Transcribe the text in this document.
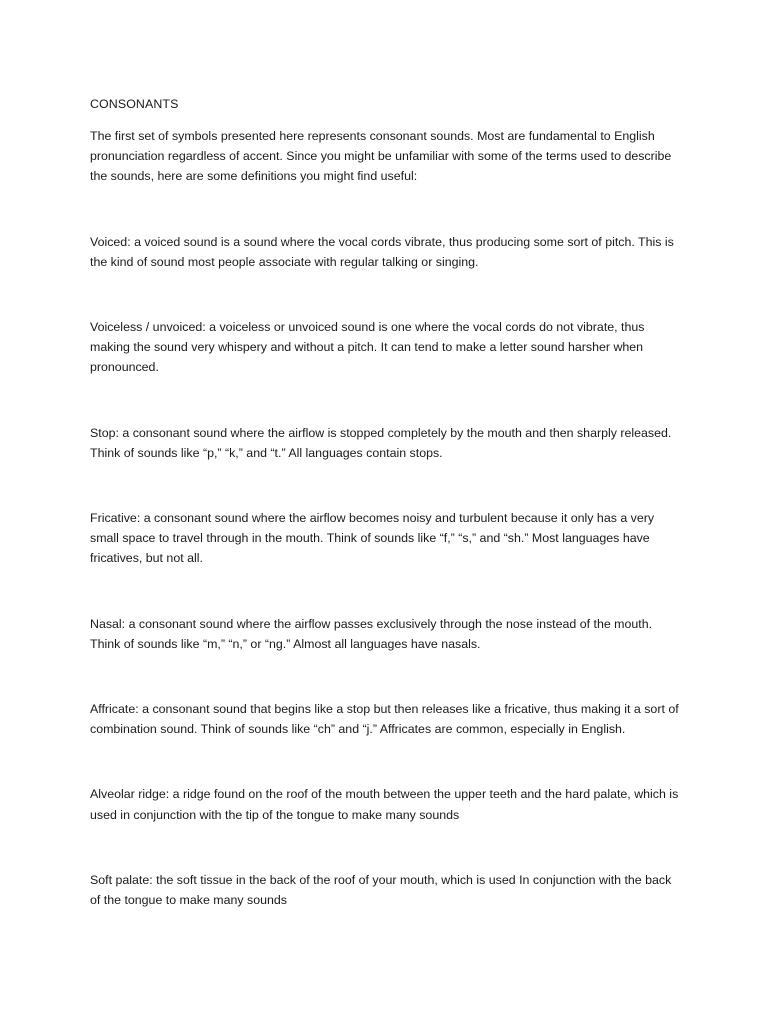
CONSONANTS

The first set of symbols presented here represents consonant sounds. Most are fundamental to English pronunciation regardless of accent. Since you might be unfamiliar with some of the terms used to describe the sounds, here are some definitions you might find useful:

Voiced: a voiced sound is a sound where the vocal cords vibrate, thus producing some sort of pitch. This is the kind of sound most people associate with regular talking or singing.

Voiceless / unvoiced: a voiceless or unvoiced sound is one where the vocal cords do not vibrate, thus making the sound very whispery and without a pitch. It can tend to make a letter sound harsher when pronounced.

Stop: a consonant sound where the airflow is stopped completely by the mouth and then sharply released. Think of sounds like “p,” “k,” and “t.” All languages contain stops.

Fricative: a consonant sound where the airflow becomes noisy and turbulent because it only has a very small space to travel through in the mouth. Think of sounds like “f,” “s,” and “sh.” Most languages have fricatives, but not all.

Nasal: a consonant sound where the airflow passes exclusively through the nose instead of the mouth. Think of sounds like “m,” “n,” or “ng.” Almost all languages have nasals.

Affricate: a consonant sound that begins like a stop but then releases like a fricative, thus making it a sort of combination sound. Think of sounds like “ch” and “j.” Affricates are common, especially in English.

Alveolar ridge: a ridge found on the roof of the mouth between the upper teeth and the hard palate, which is used in conjunction with the tip of the tongue to make many sounds

Soft palate: the soft tissue in the back of the roof of your mouth, which is used In conjunction with the back of the tongue to make many sounds
